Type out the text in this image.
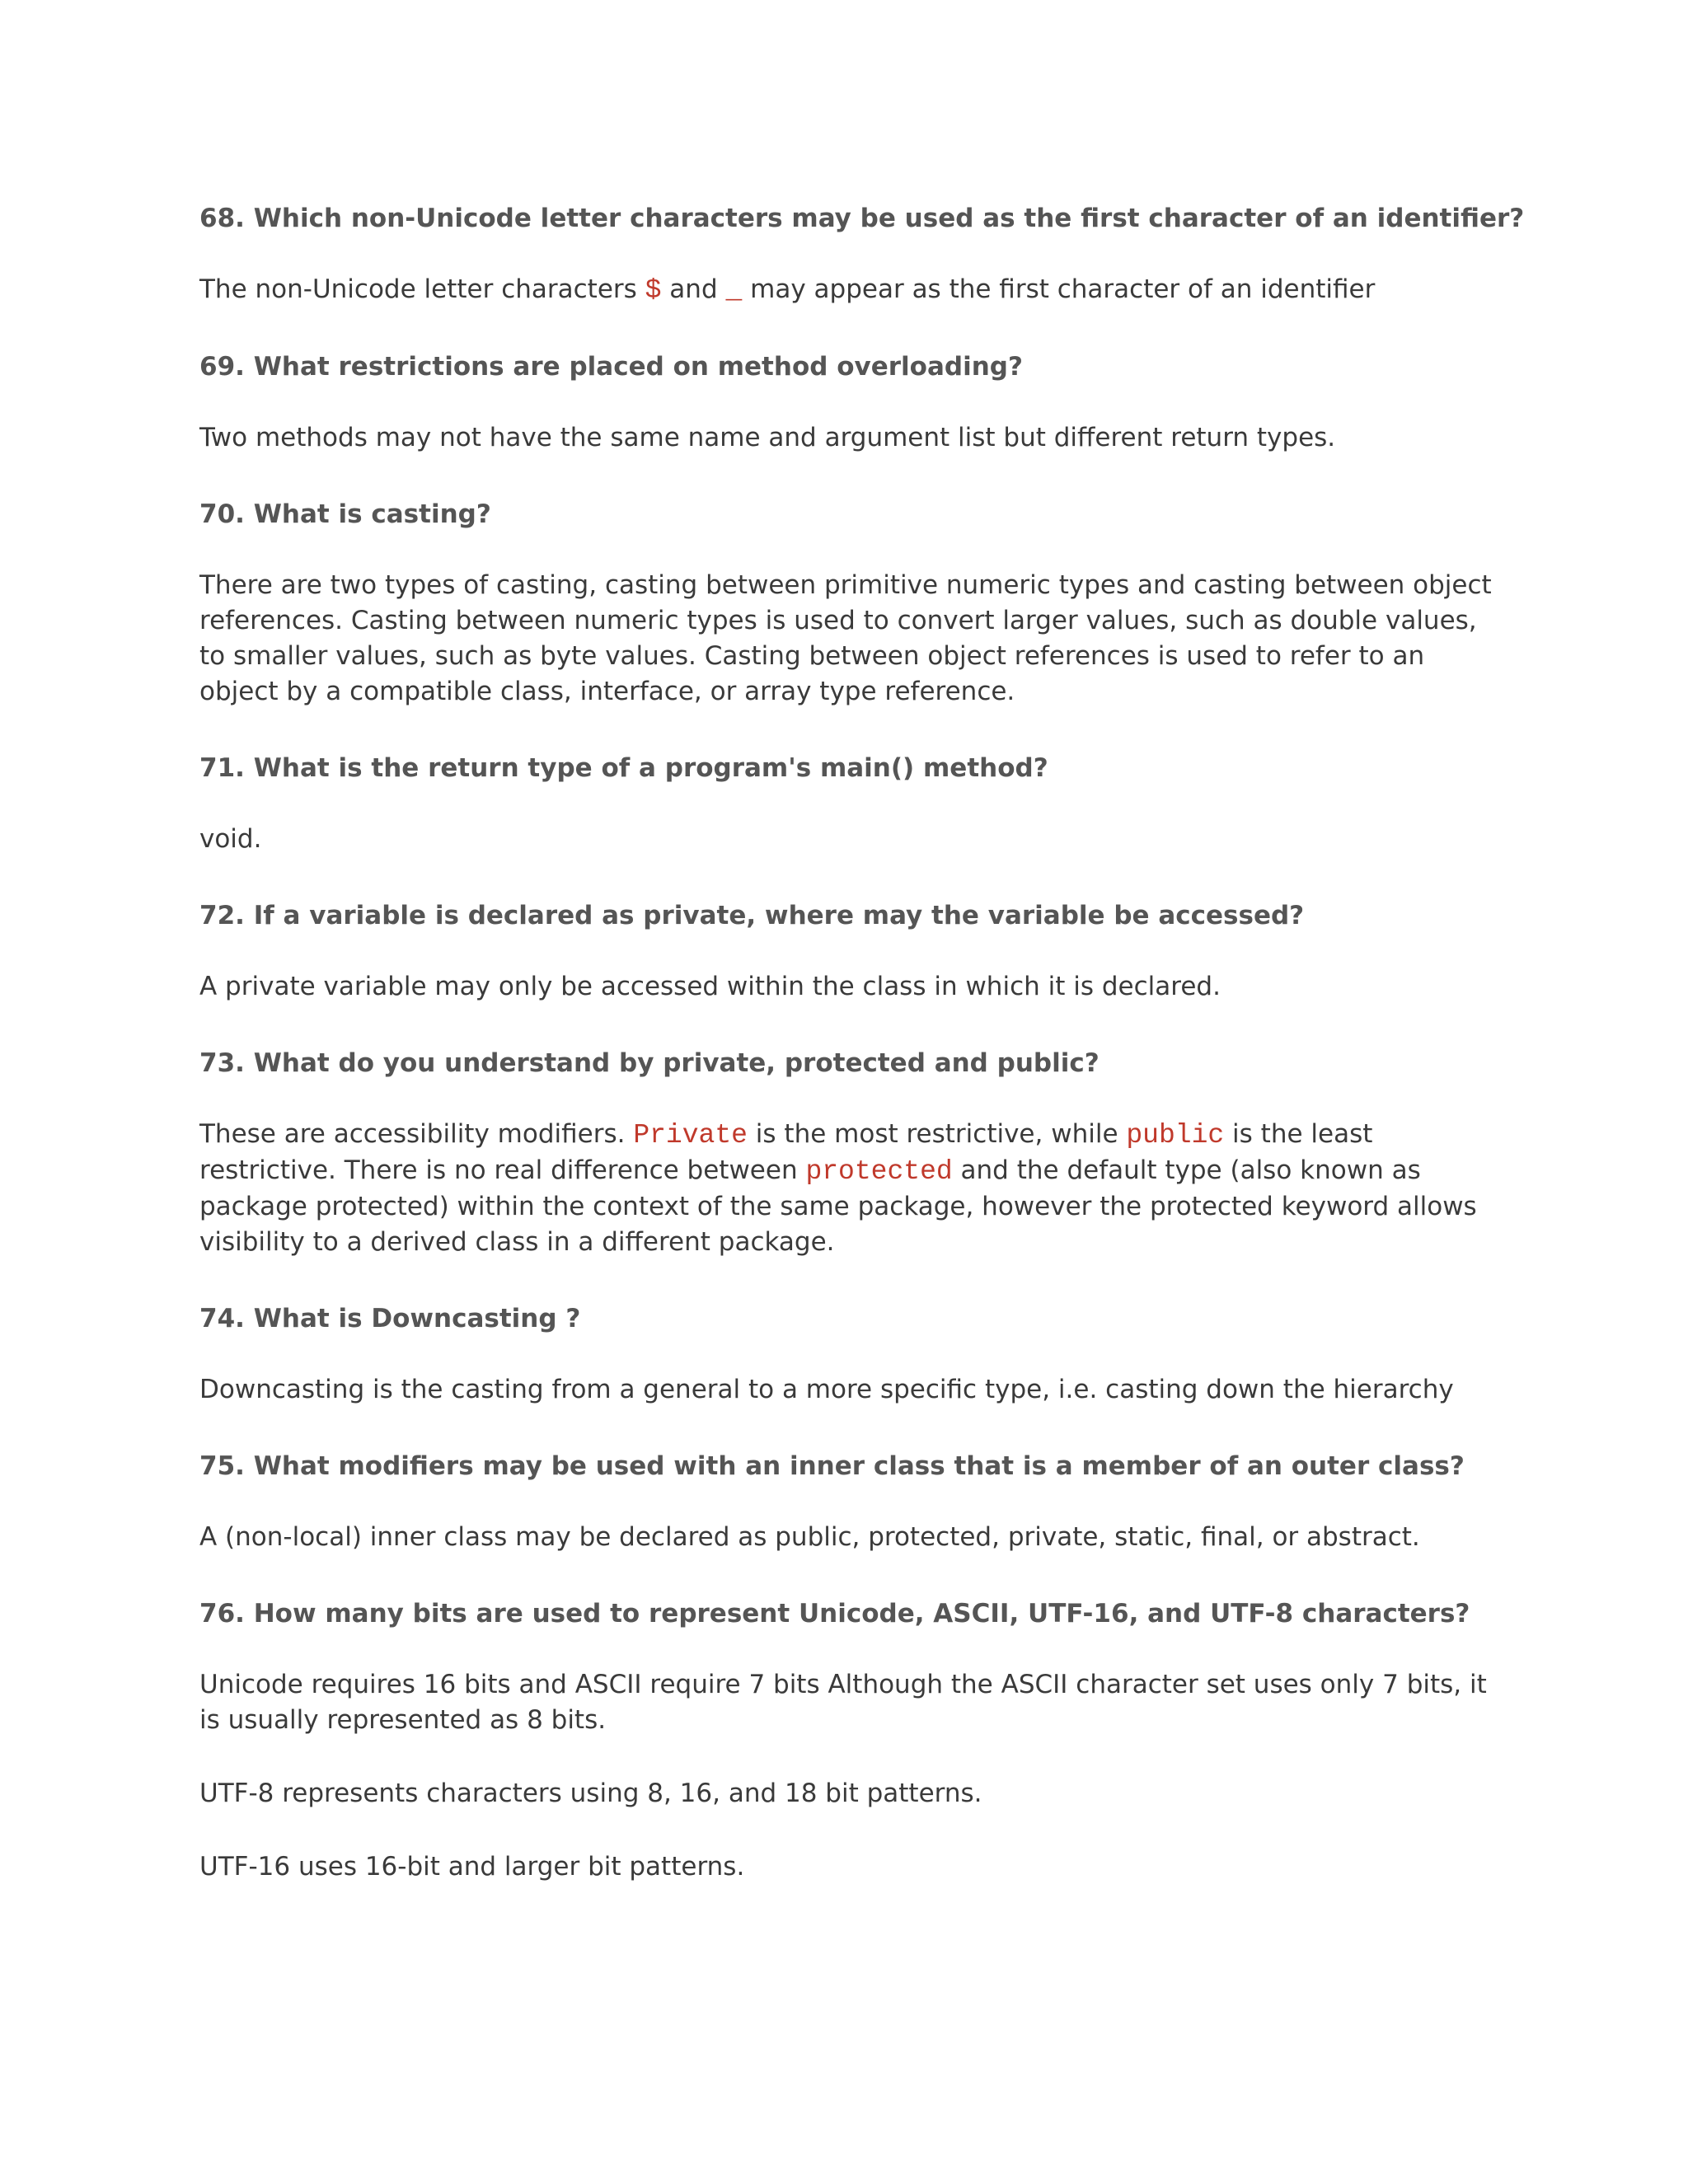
68. Which non-Unicode letter characters may be used as the first character of an identifier?
The non-Unicode letter characters $ and _ may appear as the first character of an identifier
69. What restrictions are placed on method overloading?
Two methods may not have the same name and argument list but different return types.
70. What is casting?
There are two types of casting, casting between primitive numeric types and casting between object references. Casting between numeric types is used to convert larger values, such as double values, to smaller values, such as byte values. Casting between object references is used to refer to an object by a compatible class, interface, or array type reference.
71. What is the return type of a program's main() method?
void.
72. If a variable is declared as private, where may the variable be accessed?
A private variable may only be accessed within the class in which it is declared.
73. What do you understand by private, protected and public?
These are accessibility modifiers. Private is the most restrictive, while public is the least restrictive. There is no real difference between protected and the default type (also known as package protected) within the context of the same package, however the protected keyword allows visibility to a derived class in a different package.
74. What is Downcasting ?
Downcasting is the casting from a general to a more specific type, i.e. casting down the hierarchy
75. What modifiers may be used with an inner class that is a member of an outer class?
A (non-local) inner class may be declared as public, protected, private, static, final, or abstract.
76. How many bits are used to represent Unicode, ASCII, UTF-16, and UTF-8 characters?
Unicode requires 16 bits and ASCII require 7 bits Although the ASCII character set uses only 7 bits, it is usually represented as 8 bits.
UTF-8 represents characters using 8, 16, and 18 bit patterns.
UTF-16 uses 16-bit and larger bit patterns.
